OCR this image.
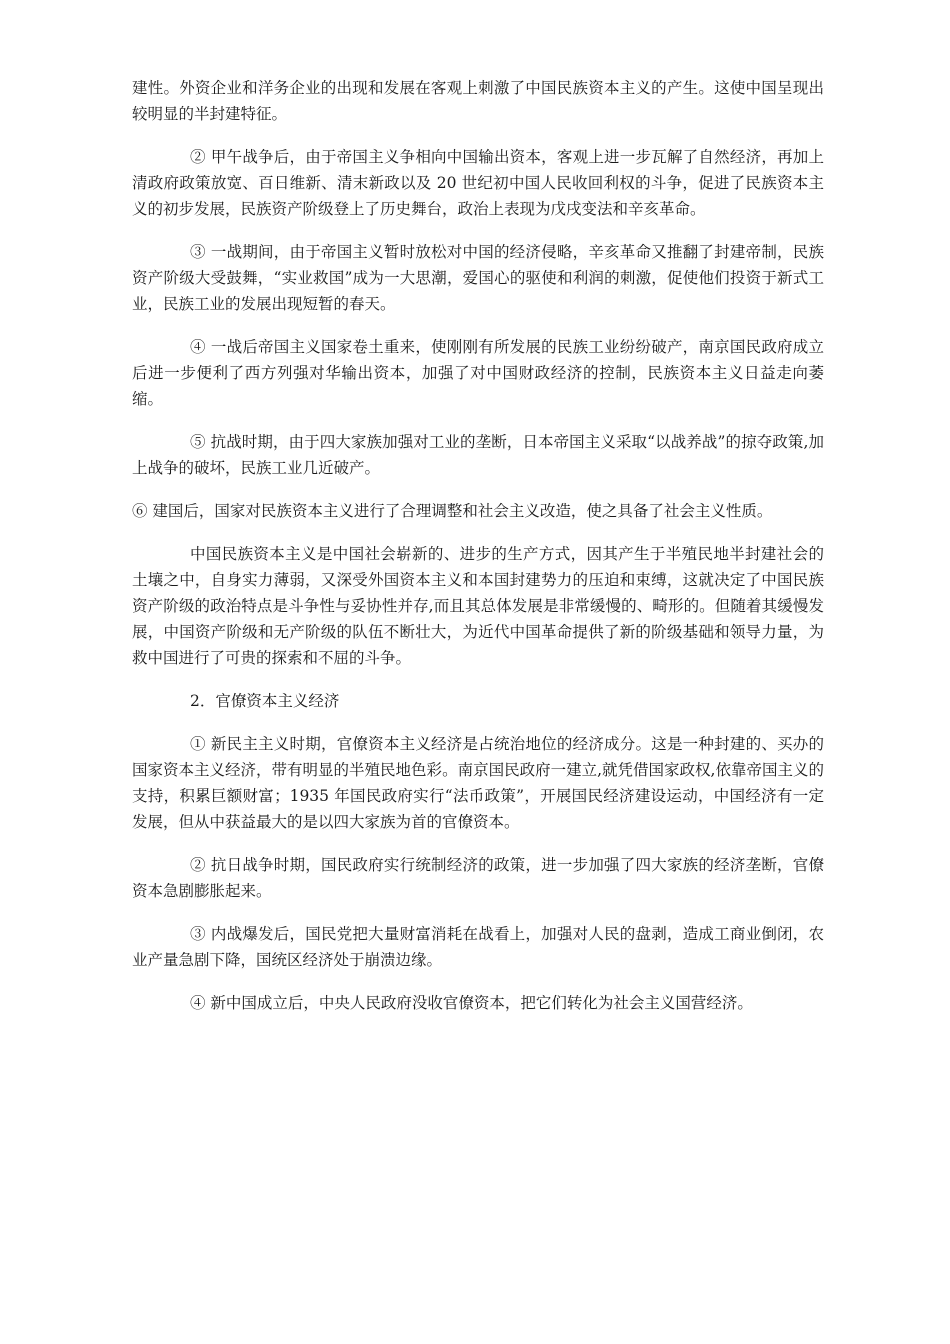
建性。外资企业和洋务企业的出现和发展在客观上刺激了中国民族资本主义的产生。这使中国呈现出较明显的半封建特征。

② 甲午战争后，由于帝国主义争相向中国输出资本，客观上进一步瓦解了自然经济，再加上清政府政策放宽、百日维新、清末新政以及 20 世纪初中国人民收回利权的斗争，促进了民族资本主义的初步发展，民族资产阶级登上了历史舞台，政治上表现为戊戌变法和辛亥革命。

③ 一战期间，由于帝国主义暂时放松对中国的经济侵略，辛亥革命又推翻了封建帝制，民族资产阶级大受鼓舞，“实业救国”成为一大思潮，爱国心的驱使和利润的刺激，促使他们投资于新式工业，民族工业的发展出现短暂的春天。

④ 一战后帝国主义国家卷土重来，使刚刚有所发展的民族工业纷纷破产，南京国民政府成立后进一步便利了西方列强对华输出资本，加强了对中国财政经济的控制，民族资本主义日益走向萎缩。

⑤ 抗战时期，由于四大家族加强对工业的垄断，日本帝国主义采取“以战养战”的掠夺政策,加上战争的破坏，民族工业几近破产。

⑥ 建国后，国家对民族资本主义进行了合理调整和社会主义改造，使之具备了社会主义性质。

中国民族资本主义是中国社会崭新的、进步的生产方式，因其产生于半殖民地半封建社会的土壤之中，自身实力薄弱，又深受外国资本主义和本国封建势力的压迫和束缚，这就决定了中国民族资产阶级的政治特点是斗争性与妥协性并存,而且其总体发展是非常缓慢的、畸形的。但随着其缓慢发展，中国资产阶级和无产阶级的队伍不断壮大，为近代中国革命提供了新的阶级基础和领导力量，为救中国进行了可贵的探索和不屈的斗争。

2．官僚资本主义经济

① 新民主主义时期，官僚资本主义经济是占统治地位的经济成分。这是一种封建的、买办的国家资本主义经济，带有明显的半殖民地色彩。南京国民政府一建立,就凭借国家政权,依靠帝国主义的支持，积累巨额财富；1935 年国民政府实行“法币政策”，开展国民经济建设运动，中国经济有一定发展，但从中获益最大的是以四大家族为首的官僚资本。

② 抗日战争时期，国民政府实行统制经济的政策，进一步加强了四大家族的经济垄断，官僚资本急剧膨胀起来。

③ 内战爆发后，国民党把大量财富消耗在战看上，加强对人民的盘剥，造成工商业倒闭，农业产量急剧下降，国统区经济处于崩溃边缘。

④ 新中国成立后，中央人民政府没收官僚资本，把它们转化为社会主义国营经济。
